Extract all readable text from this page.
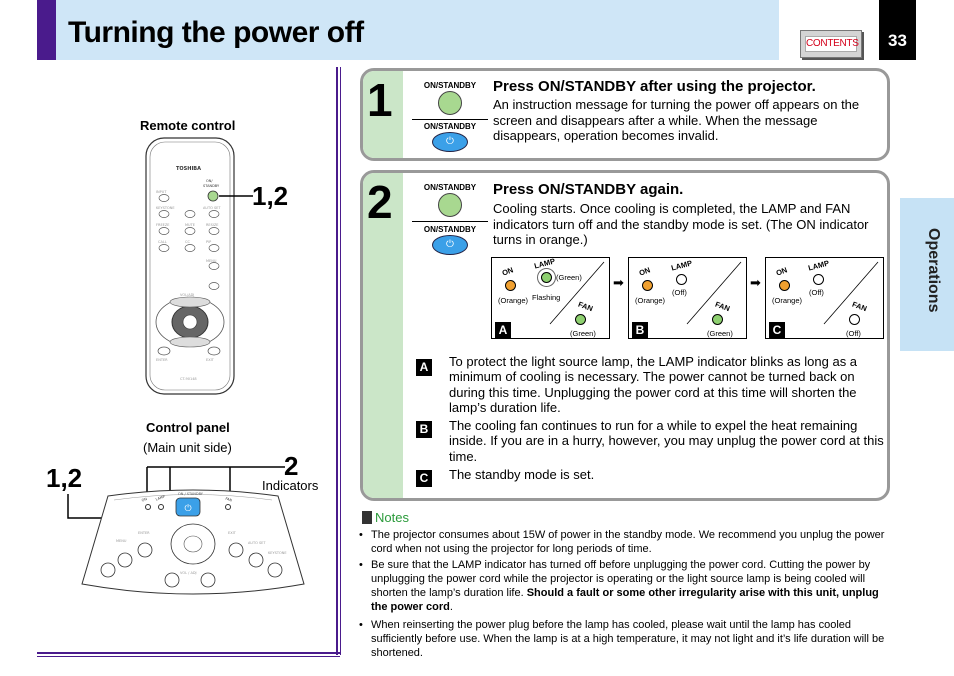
Turning the power off	CONTENTS	33
Operations
Remote control
INPUT
KEYSTONE	AUTO SET
FREEZE	MUTE	RESIZE
CALL	CC	PIP
MENU
VOL/ADJ
ENTER	EXIT
CT-90148
TOSHIBA
ON/
STANDBY 1,2
Control panel
(Main unit side)
1,2	2
Indicators
⏻
ON / STANDBY
ON LAMP	FAN
MENU
ENTER	EXIT
AUTO SET
KEYSTONE
VOL / ADJ
1	ON/STANDBY
ON/STANDBY
⏻
Press ON/STANDBY after using the projector.
An instruction message for turning the power off appears on the screen and disappears after a while. When the message disappears, operation becomes invalid.
2	ON/STANDBY
ON/STANDBY
⏻
Press ON/STANDBY again.
Cooling starts. Once cooling is completed, the LAMP and FAN indicators turn off and the standby mode is set. (The ON indicator turns in orange.)
ON
(Orange)
LAMP
(Green)
Flashing
FAN
(Green)
A
➡
ON
(Orange)
LAMP
(Off)
FAN
(Green)
B
➡
ON
(Orange)
LAMP
(Off)
FAN
(Off)
C
A To protect the light source lamp, the LAMP indicator blinks as long as a minimum of cooling is necessary. The power cannot be turned back on during this time. Unplugging the power cord at this time will shorten the lamp’s duration life.
B The cooling fan continues to run for a while to expel the heat remaining inside. If you are in a hurry, however, you may unplug the power cord at this time.
C The standby mode is set.
Notes
• The projector consumes about 15W of power in the standby mode. We recommend you unplug the power cord when not using the projector for long periods of time.
• Be sure that the LAMP indicator has turned off before unplugging the power cord. Cutting the power by unplugging the power cord while the projector is operating or the light source lamp is being cooled will shorten the lamp’s duration life. Should a fault or some other irregularity arise with this unit, unplug the power cord.
• When reinserting the power plug before the lamp has cooled, please wait until the lamp has cooled sufficiently before use. When the lamp is at a high temperature, it may not light and it’s life duration will be shortened.
